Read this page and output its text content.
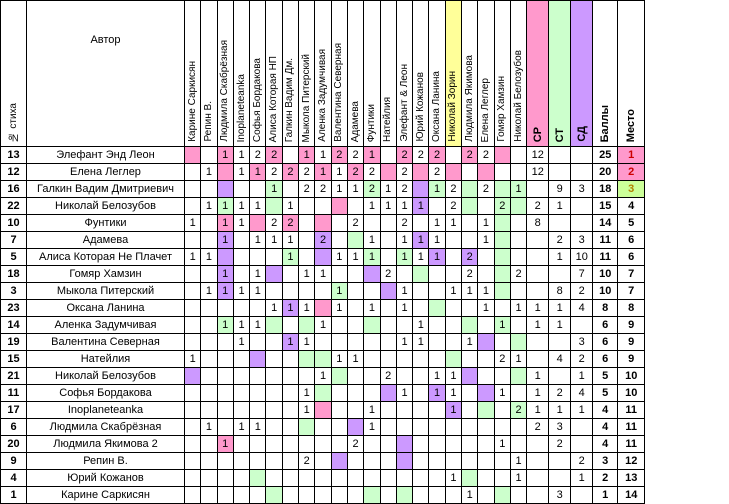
№ стиха	Автор	Карине Саркисян	Репин В.	Людмила Скабрёзная	Inoplaneteanka	Софья Бордакова	Алиса Которая НП	Галкин Вадим Дм.	Мыкола Питерский	Аленка Задумчивая	Валентина Северная	Адамева	Фунтики	Натейлия	Элефант & Леон	Юрий Кожанов	Оксана Ланина	Николай Зорин	Людмила Якимова	Елена Леглер	Гомяр Хамзин	Николай Белозубов	СР	СТ	СД	Баллы	Место
13	Элефант Энд Леон			1	1	2	2		1	1	2	2	1		2	2	2		2	2			12			25	1
12	Елена Леглер		1		1	1	2	2	2	1	1	2	2		2		2						12			20	2
16	Галкин Вадим Дмитриевич						1		2	2	1	1	2	1	2		1	2		2		1		9	3	18	3
22	Николай Белозубов		1	1	1	1		1					1	1	1	1		2			2		2	1		15	4
10	Фунтики	1		1	1		2	2				2			2		1	1		1			8			14	5
7	Адамева			1		1	1	1		2			1		1	1	1			1				2	3	11	6
5	Алиса Которая Не Плачет	1	1					1			1	1	1		1	1	1		2					1	10	11	6
18	Гомяр Хамзин			1		1			1	1				2					2			2			7	10	7
3	Мыкола Питерский		1	1	1	1					1				1			1	1	1				8	2	10	7
23	Оксана Ланина						1	1	1		1		1		1					1		1	1	1	4	8	8
14	Аленка Задумчивая			1	1	1				1						1					1		1	1		6	9
19	Валентина Северная				1			1	1						1	1			1						3	6	9
15	Натейлия	1									1	1									2	1		4	2	6	9
21	Николай Белозубов									1				2			1	1					1		1	5	10
11	Софья Бордакова								1						1		1	1			1		1	2	4	5	10
17	Inoplaneteanka								1				1					1				2	1	1	1	4	11
6	Людмила Скабрёзная		1		1	1							1										2	3		4	11
20	Людмила Якимова 2			1								2									1			2		4	11
9	Репин В.								2													1			2	3	12
4	Юрий Кожанов																	1				1			1	2	13
1	Карине Саркисян																		1					3		1	14
